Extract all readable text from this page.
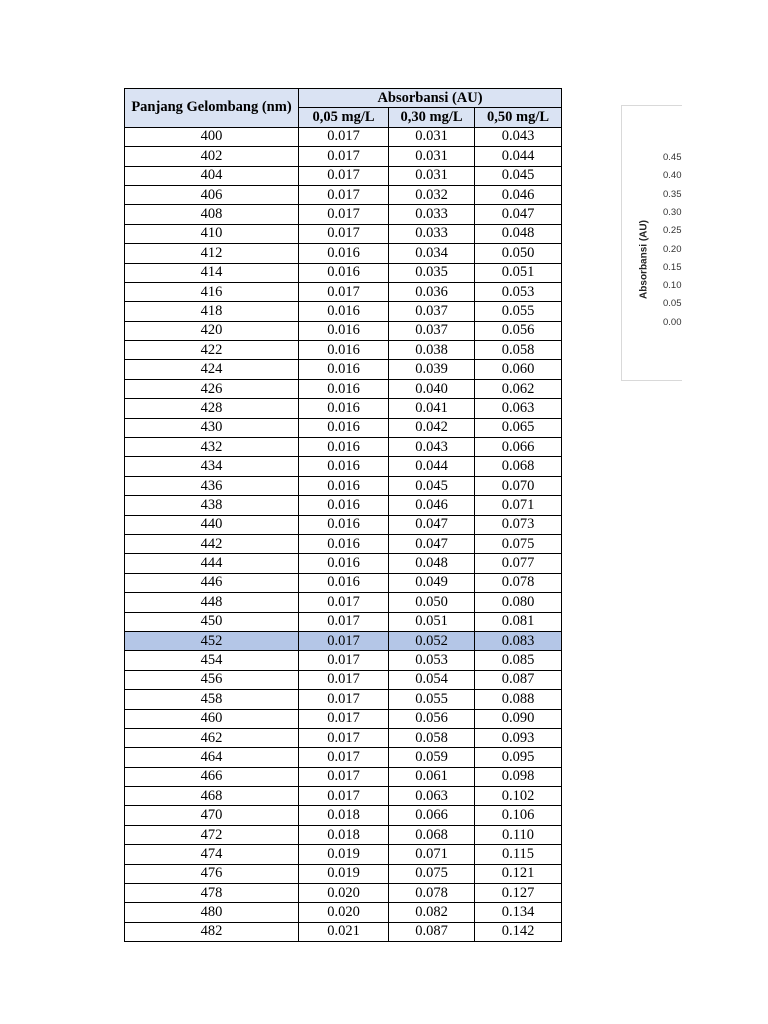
Panjang Gelombang (nm)	Absorbansi (AU)		
	0,05 mg/L	0,30 mg/L	0,50 mg/L
400	0.017	0.031	0.043
402	0.017	0.031	0.044
404	0.017	0.031	0.045
406	0.017	0.032	0.046
408	0.017	0.033	0.047
410	0.017	0.033	0.048
412	0.016	0.034	0.050
414	0.016	0.035	0.051
416	0.017	0.036	0.053
418	0.016	0.037	0.055
420	0.016	0.037	0.056
422	0.016	0.038	0.058
424	0.016	0.039	0.060
426	0.016	0.040	0.062
428	0.016	0.041	0.063
430	0.016	0.042	0.065
432	0.016	0.043	0.066
434	0.016	0.044	0.068
436	0.016	0.045	0.070
438	0.016	0.046	0.071
440	0.016	0.047	0.073
442	0.016	0.047	0.075
444	0.016	0.048	0.077
446	0.016	0.049	0.078
448	0.017	0.050	0.080
450	0.017	0.051	0.081
452	0.017	0.052	0.083
454	0.017	0.053	0.085
456	0.017	0.054	0.087
458	0.017	0.055	0.088
460	0.017	0.056	0.090
462	0.017	0.058	0.093
464	0.017	0.059	0.095
466	0.017	0.061	0.098
468	0.017	0.063	0.102
470	0.018	0.066	0.106
472	0.018	0.068	0.110
474	0.019	0.071	0.115
476	0.019	0.075	0.121
478	0.020	0.078	0.127
480	0.020	0.082	0.134
482	0.021	0.087	0.142
Absorbansi (AU)
0.45
0.40
0.35
0.30
0.25
0.20
0.15
0.10
0.05
0.00
